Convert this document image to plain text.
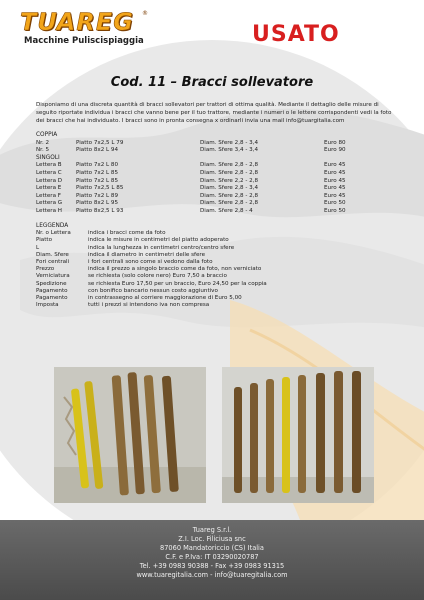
TUAREG ®
Macchine Puliscispiaggia	USATO
Cod. 11 – Bracci sollevatore

Disponiamo di una discreta quantità di bracci sollevatori per trattori di ottima qualità. Mediante il dettaglio delle misure di seguito riportate individua i bracci che vanno bene per il tuo trattore, mediante i numeri o le lettere corrispondenti vedi la foto dei bracci che hai individuato. I bracci sono in pronta consegna x ordinarli invia una mail info@tuargitalia.com

COPPIA
Nr. 2	Piatto 7x2,5 L 79	Diam. Sfere 2,8 - 3,4	Euro 80
Nr. 5	Piatto 8x2 L 94	Diam. Sfere 3,4 - 3,4	Euro 90
SINGOLI
Lettera B	Piatto 7x2 L 80	Diam. Sfere 2,8 - 2,8	Euro 45
Lettera C	Piatto 7x2 L 85	Diam. Sfere 2,8 - 2,8	Euro 45
Lettera D	Piatto 7x2 L 85	Diam. Sfere 2,2 - 2,8	Euro 45
Lettera E	Piatto 7x2,5 L 85	Diam. Sfere 2,8 - 3,4	Euro 45
Lettera F	Piatto 7x2 L 89	Diam. Sfere 2,8 - 2,8	Euro 45
Lettera G	Piatto 8x2 L 95	Diam. Sfere 2,8 - 2,8	Euro 50
Lettera H	Piatto 8x2,5 L 93	Diam. Sfere 2,8 - 4	Euro 50
LEGGENDA
Nr. o Lettera	indica i bracci come da foto
Piatto	indica le misure in centimetri del piatto adoperato
L	indica la lunghezza in centimetri centro/centro sfere
Diam. Sfere	indica il diametro in centimetri delle sfere
Fori centrali	i fori centrali sono come si vedono dalla foto
Prezzo	indica il prezzo a singolo braccio come da foto, non verniciato
Verniciatura	se richiesta (solo colore nero) Euro 7,50 a braccio
Spedizione	se richiesta Euro 17,50 per un braccio, Euro 24,50 per la coppia
Pagamento	con bonifico bancario nessun costo aggiuntivo
Pagamento	in contrassegno al corriere maggiorazione di Euro 5,00
Imposta	tutti i prezzi si intendono iva non compresa
Tuareg S.r.l.
Z.I. Loc. Filiciusa snc
87060 Mandatoriccio (CS) Italia
C.F. e P.Iva: IT 03290020787
Tel. +39 0983 90388 - Fax +39 0983 91315
www.tuaregitalia.com - info@tuaregitalia.com
